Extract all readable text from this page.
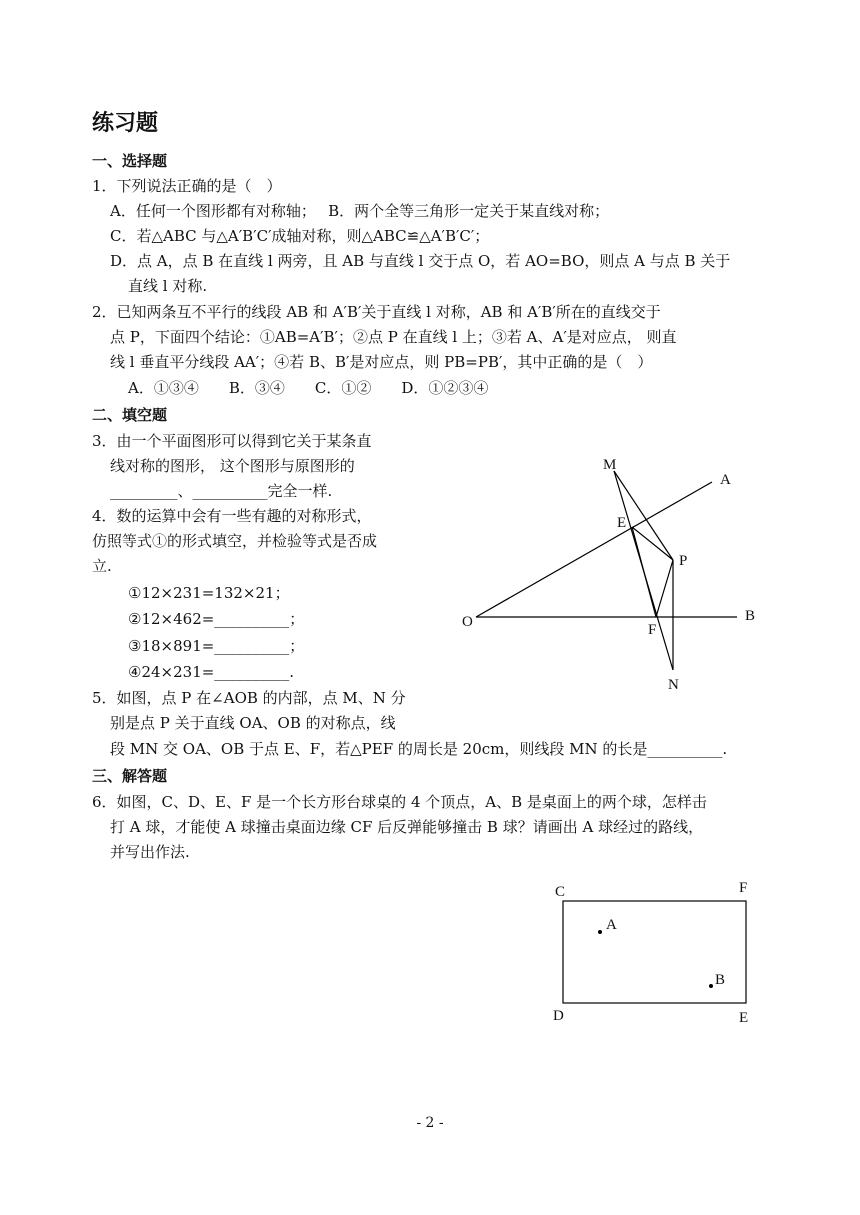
练习题
一、选择题
1．下列说法正确的是（　）
A．任何一个图形都有对称轴；　 B．两个全等三角形一定关于某直线对称；
C．若△ABC 与△A′B′C′成轴对称，则△ABC≌△A′B′C′；
D．点 A，点 B 在直线 l 两旁，且 AB 与直线 l 交于点 O，若 AO=BO，则点 A 与点 B 关于
直线 l 对称.
2．已知两条互不平行的线段 AB 和 A′B′关于直线 l 对称，AB 和 A′B′所在的直线交于
点 P，下面四个结论：①AB=A′B′；②点 P 在直线 l 上；③若 A、A′是对应点， 则直
线 l 垂直平分线段 AA′；④若 B、B′是对应点，则 PB=PB′，其中正确的是（　）
A．①③④　　B．③④　　C．①②　　D．①②③④
二、填空题
3．由一个平面图形可以得到它关于某条直
线对称的图形， 这个图形与原图形的
_________、__________完全一样.
4．数的运算中会有一些有趣的对称形式，
仿照等式①的形式填空，并检验等式是否成
立.
①12×231=132×21；
②12×462=__________；
③18×891=__________；
④24×231=__________.
5．如图，点 P 在∠AOB 的内部，点 M、N 分
别是点 P 关于直线 OA、OB 的对称点，线
段 MN 交 OA、OB 于点 E、F，若△PEF 的周长是 20cm，则线段 MN 的长是__________.
M
A
E
P
O	F
B
N
三、解答题
6．如图，C、D、E、F 是一个长方形台球桌的 4 个顶点，A、B 是桌面上的两个球，怎样击
打 A 球，才能使 A 球撞击桌面边缘 CF 后反弹能够撞击 B 球？请画出 A 球经过的路线，
并写出作法.
C	F
A
B
D	E
- 2 -
